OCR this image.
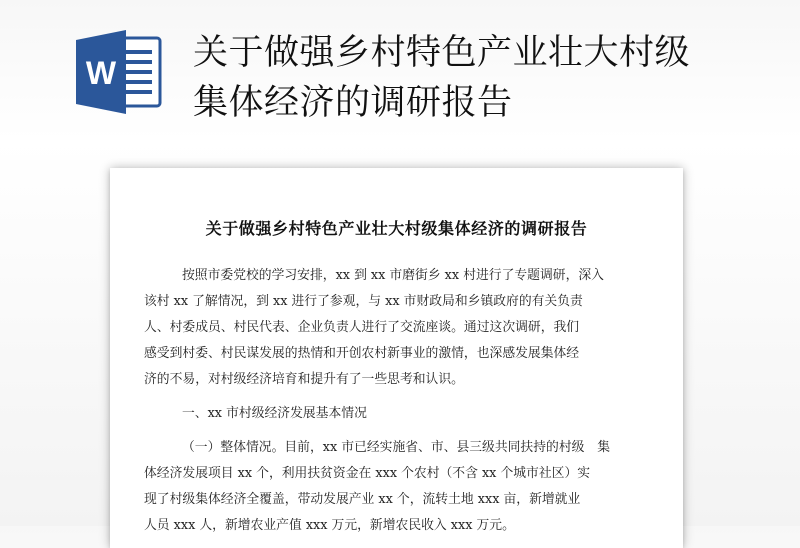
W 关于做强乡村特色产业壮大村级
集体经济的调研报告
关于做强乡村特色产业壮大村级集体经济的调研报告
按照市委党校的学习安排，xx 到 xx 市磨街乡 xx 村进行了专题调研，深入
该村 xx 了解情况，到 xx 进行了参观，与 xx 市财政局和乡镇政府的有关负责
人、村委成员、村民代表、企业负责人进行了交流座谈。通过这次调研，我们
感受到村委、村民谋发展的热情和开创农村新事业的激情，也深感发展集体经
济的不易，对村级经济培育和提升有了一些思考和认识。
一、xx 市村级经济发展基本情况
（一）整体情况。目前，xx 市已经实施省、市、县三级共同扶持的村级　集
体经济发展项目 xx 个，利用扶贫资金在 xxx 个农村（不含 xx 个城市社区）实
现了村级集体经济全覆盖，带动发展产业 xx 个，流转土地 xxx 亩，新增就业
人员 xxx 人，新增农业产值 xxx 万元，新增农民收入 xxx 万元。
